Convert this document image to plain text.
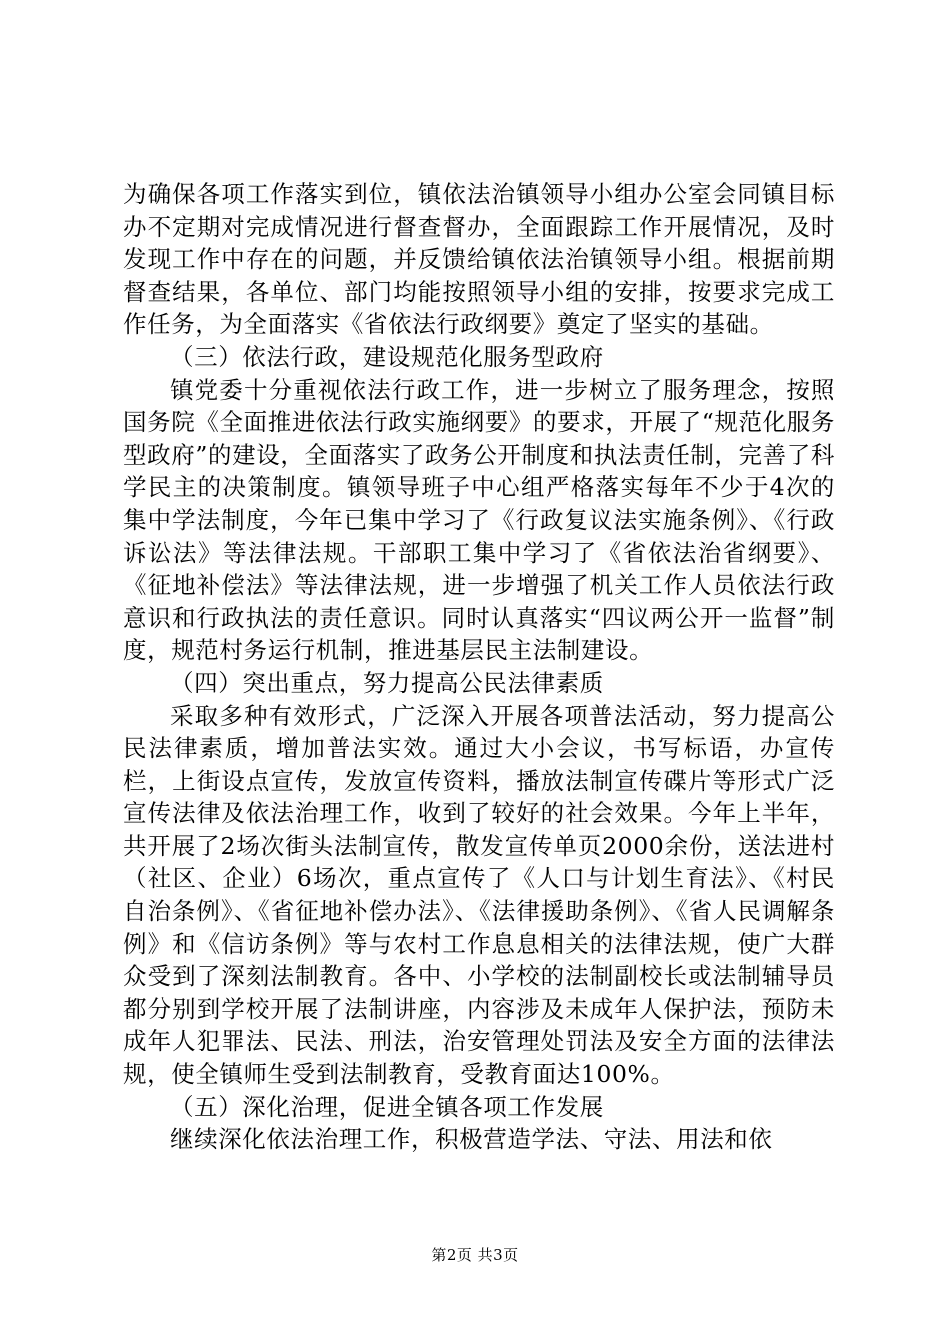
为确保各项工作落实到位，镇依法治镇领导小组办公室会同镇目标办不定期对完成情况进行督查督办，全面跟踪工作开展情况，及时发现工作中存在的问题，并反馈给镇依法治镇领导小组。根据前期督查结果，各单位、部门均能按照领导小组的安排，按要求完成工作任务，为全面落实《省依法行政纲要》奠定了坚实的基础。

（三）依法行政，建设规范化服务型政府

镇党委十分重视依法行政工作，进一步树立了服务理念，按照国务院《全面推进依法行政实施纲要》的要求，开展了“规范化服务型政府”的建设，全面落实了政务公开制度和执法责任制，完善了科学民主的决策制度。镇领导班子中心组严格落实每年不少于4次的集中学法制度，今年已集中学习了《行政复议法实施条例》、《行政诉讼法》等法律法规。干部职工集中学习了《省依法治省纲要》、《征地补偿法》等法律法规，进一步增强了机关工作人员依法行政意识和行政执法的责任意识。同时认真落实“四议两公开一监督”制度，规范村务运行机制，推进基层民主法制建设。

（四）突出重点，努力提高公民法律素质

采取多种有效形式，广泛深入开展各项普法活动，努力提高公民法律素质，增加普法实效。通过大小会议，书写标语，办宣传栏，上街设点宣传，发放宣传资料，播放法制宣传碟片等形式广泛宣传法律及依法治理工作，收到了较好的社会效果。今年上半年，共开展了2场次街头法制宣传，散发宣传单页2000余份，送法进村（社区、企业）6场次，重点宣传了《人口与计划生育法》、《村民自治条例》、《省征地补偿办法》、《法律援助条例》、《省人民调解条例》和《信访条例》等与农村工作息息相关的法律法规，使广大群众受到了深刻法制教育。各中、小学校的法制副校长或法制辅导员都分别到学校开展了法制讲座，内容涉及未成年人保护法，预防未成年人犯罪法、民法、刑法，治安管理处罚法及安全方面的法律法规，使全镇师生受到法制教育，受教育面达100%。

（五）深化治理，促进全镇各项工作发展

继续深化依法治理工作，积极营造学法、守法、用法和依

第2页 共3页
